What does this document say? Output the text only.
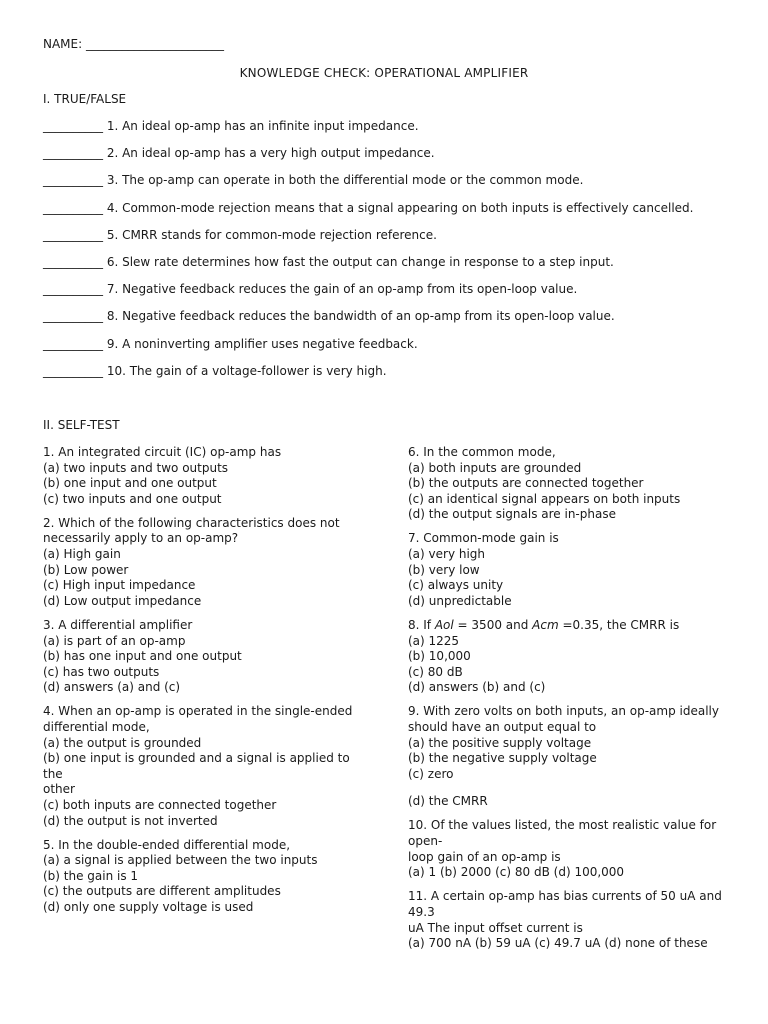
NAME: _______________________
KNOWLEDGE CHECK: OPERATIONAL AMPLIFIER
I. TRUE/FALSE
__________ 1. An ideal op-amp has an infinite input impedance.
__________ 2. An ideal op-amp has a very high output impedance.
__________ 3. The op-amp can operate in both the differential mode or the common mode.
__________ 4. Common-mode rejection means that a signal appearing on both inputs is effectively cancelled.
__________ 5. CMRR stands for common-mode rejection reference.
__________ 6. Slew rate determines how fast the output can change in response to a step input.
__________ 7. Negative feedback reduces the gain of an op-amp from its open-loop value.
__________ 8. Negative feedback reduces the bandwidth of an op-amp from its open-loop value.
__________ 9. A noninverting amplifier uses negative feedback.
__________ 10. The gain of a voltage-follower is very high.
II. SELF-TEST
1. An integrated circuit (IC) op-amp has
(a) two inputs and two outputs
(b) one input and one output
(c) two inputs and one output
2. Which of the following characteristics does not
necessarily apply to an op-amp?
(a) High gain
(b) Low power
(c) High input impedance
(d) Low output impedance
3. A differential amplifier
(a) is part of an op-amp
(b) has one input and one output
(c) has two outputs
(d) answers (a) and (c)
4. When an op-amp is operated in the single-ended
differential mode,
(a) the output is grounded
(b) one input is grounded and a signal is applied to the
other
(c) both inputs are connected together
(d) the output is not inverted
5. In the double-ended differential mode,
(a) a signal is applied between the two inputs
(b) the gain is 1
(c) the outputs are different amplitudes
(d) only one supply voltage is used
6. In the common mode,
(a) both inputs are grounded
(b) the outputs are connected together
(c) an identical signal appears on both inputs
(d) the output signals are in-phase
7. Common-mode gain is
(a) very high
(b) very low
(c) always unity
(d) unpredictable
8. If Aol = 3500 and Acm =0.35, the CMRR is
(a) 1225
(b) 10,000
(c) 80 dB
(d) answers (b) and (c)
9. With zero volts on both inputs, an op-amp ideally
should have an output equal to
(a) the positive supply voltage
(b) the negative supply voltage
(c) zero
(d) the CMRR
10. Of the values listed, the most realistic value for open-
loop gain of an op-amp is
(a) 1 (b) 2000 (c) 80 dB (d) 100,000
11. A certain op-amp has bias currents of 50 uA and 49.3
uA The input offset current is
(a) 700 nA (b) 59 uA (c) 49.7 uA (d) none of these
